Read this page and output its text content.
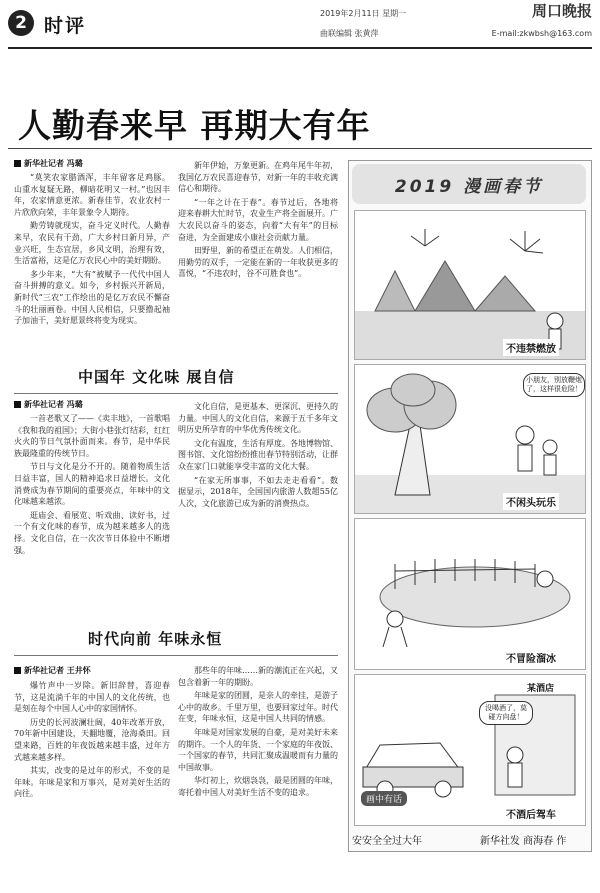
2 时评
2019年2月11日 星期一	周口晚报
曲联编辑 张黄萍	E-mail:zkwbsh@163.com
人勤春来早 再期大有年
新华社记者 冯璐

“莫笑农家腊酒浑，丰年留客足鸡豚。山重水复疑无路，柳暗花明又一村。”也因丰年，农家情意更浓。新春佳节，农业农村一片欣欣向荣，丰年景象令人期待。

勤劳铸就现实，奋斗定义时代。人勤春来早，农民有干劲，广大乡村日新月异，产业兴旺，生态宜居，乡风文明，治理有效，生活富裕，这是亿万农民心中的美好期盼。

多少年来，“大有”被赋予一代代中国人奋斗拼搏的意义。如今，乡村振兴开新局，新时代“三农”工作绘出的是亿万农民不懈奋斗的壮丽画卷。中国人民相信，只要撸起袖子加油干，美好愿景终将变为现实。

新年伊始，万象更新。在鸡年尾牛年初，我国亿万农民喜迎春节，对新一年的丰收充满信心和期待。

“一年之计在于春”。春节过后，各地将迎来春耕大忙时节，农业生产将全面展开。广大农民以奋斗的姿态，向着“大有年”的目标奋进，为全面建成小康社会贡献力量。

田野里，新的希望正在萌发。人们相信，用勤劳的双手，一定能在新的一年收获更多的喜悦，“不违农时，谷不可胜食也”。

中国年 文化味 展自信
新华社记者 冯璐

一首老歌又了——《卖丰地》，一首歌唱《我和我的祖国》；大街小巷张灯结彩，红红火火的节日气氛扑面而来。春节，是中华民族最隆重的传统节日。

节日与文化是分不开的。随着物质生活日益丰富，国人的精神追求日益增长。文化消费成为春节期间的重要亮点，年味中的文化味越来越浓。

逛庙会、看展览、听戏曲、读好书，过一个有文化味的春节，成为越来越多人的选择。文化自信，在一次次节日体验中不断增强。

文化自信，是更基本、更深沉、更持久的力量。中国人的文化自信，来源于五千多年文明历史所孕育的中华优秀传统文化。

文化有温度，生活有厚度。各地博物馆、图书馆、文化馆纷纷推出春节特别活动，让群众在家门口就能享受丰富的文化大餐。

“在家无所事事，不如去走走看看”。数据显示，2018年，全国国内旅游人数超55亿人次，文化旅游已成为新的消费热点。

时代向前 年味永恒
新华社记者 王井怀

爆竹声中一岁除。新旧辞替，喜迎春节，这是流淌千年的中国人的文化传统，也是刻在每个中国人心中的家国情怀。

历史的长河波澜壮阔，40年改革开放，70年新中国建设，天翻地覆，沧海桑田。回望来路，百姓的年夜饭越来越丰盛，过年方式越来越多样。

其实，改变的是过年的形式，不变的是年味。年味是家和万事兴，是对美好生活的向往。

那些年的年味……新的潮流正在兴起，又包含着新一年的期盼。

年味是家的团圆，是亲人的牵挂，是游子心中的故乡。千里万里，也要回家过年。时代在变，年味永恒，这是中国人共同的情感。

年味是对国家发展的自豪，是对美好未来的期许。一个人的年货、一个家庭的年夜饭、一个国家的春节，共同汇聚成温暖而有力量的中国故事。

华灯初上，炊烟袅袅，最是团圆的年味，寄托着中国人对美好生活不变的追求。

2019 漫画春节
不违禁燃放
小朋友，别放鞭炮了，这样很危险！
不闲头玩乐
不冒险溜冰
某酒店
没喝酒了，莫碰方向盘！
画中有话
不酒后驾车
安安全全过大年	新华社发 商海春 作
